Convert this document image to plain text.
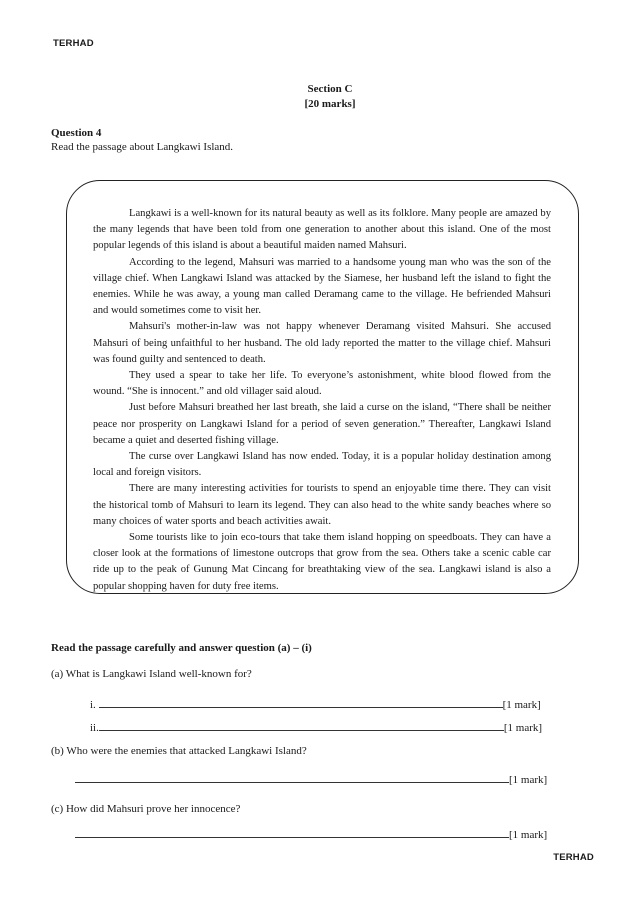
TERHAD
Section C
[20 marks]
Question 4
Read the passage about Langkawi Island.

Langkawi is a well-known for its natural beauty as well as its folklore. Many people are amazed by the many legends that have been told from one generation to another about this island. One of the most popular legends of this island is about a beautiful maiden named Mahsuri.

According to the legend, Mahsuri was married to a handsome young man who was the son of the village chief. When Langkawi Island was attacked by the Siamese, her husband left the island to fight the enemies. While he was away, a young man called Deramang came to the village. He befriended Mahsuri and would sometimes come to visit her.

Mahsuri's mother-in-law was not happy whenever Deramang visited Mahsuri. She accused Mahsuri of being unfaithful to her husband. The old lady reported the matter to the village chief. Mahsuri was found guilty and sentenced to death.

They used a spear to take her life. To everyone’s astonishment, white blood flowed from the wound. “She is innocent.” and old villager said aloud.

Just before Mahsuri breathed her last breath, she laid a curse on the island, “There shall be neither peace nor prosperity on Langkawi Island for a period of seven generation.” Thereafter, Langkawi Island became a quiet and deserted fishing village.

The curse over Langkawi Island has now ended. Today, it is a popular holiday destination among local and foreign visitors.

There are many interesting activities for tourists to spend an enjoyable time there. They can visit the historical tomb of Mahsuri to learn its legend. They can also head to the white sandy beaches where so many choices of water sports and beach activities await.

Some tourists like to join eco-tours that take them island hopping on speedboats. They can have a closer look at the formations of limestone outcrops that grow from the sea. Others take a scenic cable car ride up to the peak of Gunung Mat Cincang for breathtaking view of the sea. Langkawi island is also a popular shopping haven for duty free items.

Read the passage carefully and answer question (a) – (i)
(a) What is Langkawi Island well-known for?
i.	[1 mark]
ii.	[1 mark]
(b) Who were the enemies that attacked Langkawi Island?
[1 mark]
(c) How did Mahsuri prove her innocence?
[1 mark]
TERHAD
